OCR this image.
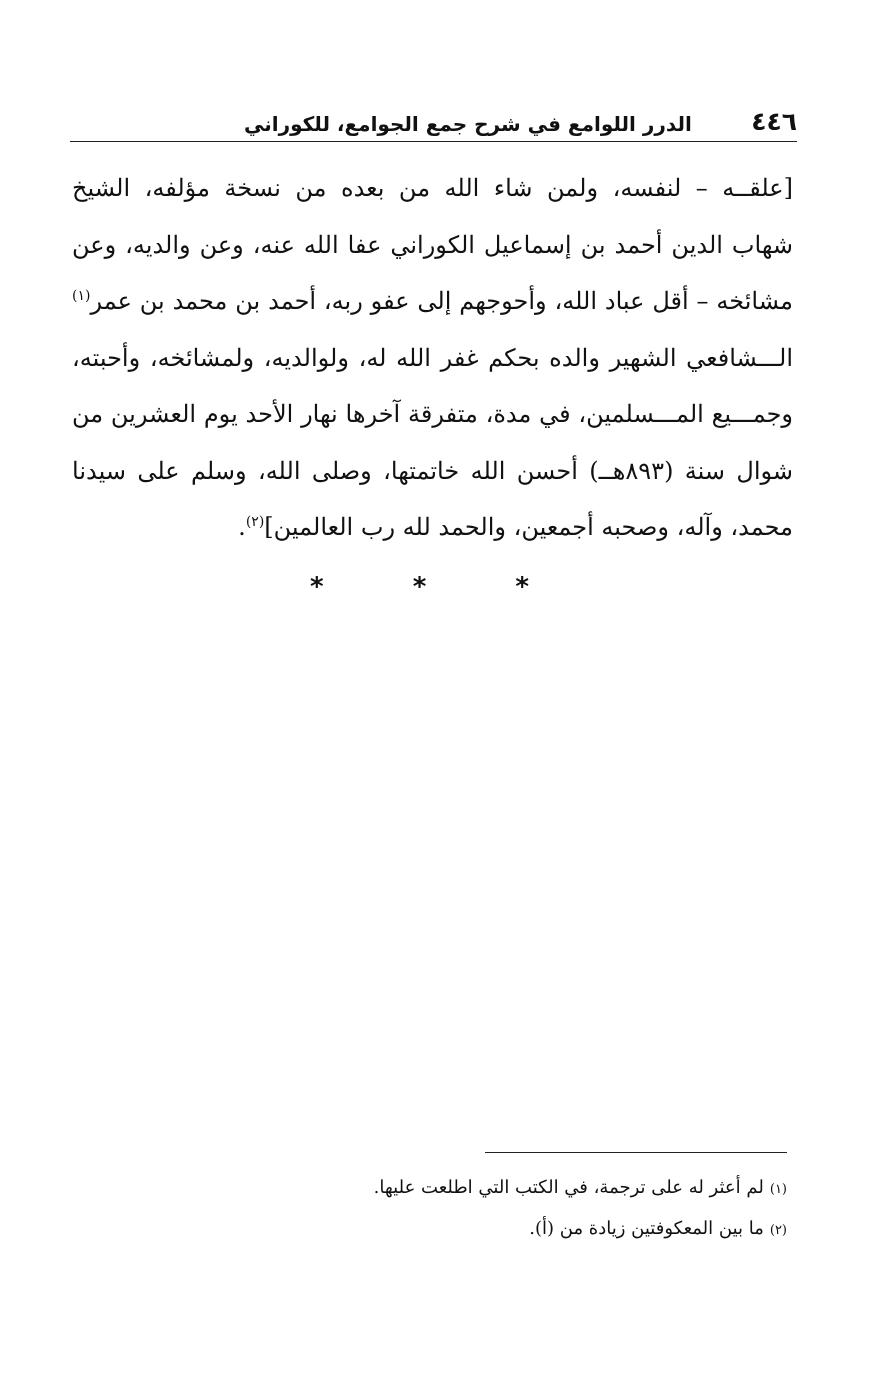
٤٤٦
الدرر اللوامع في شرح جمع الجوامع، للكوراني
[علقــه – لنفسه، ولمن شاء الله من بعده من نسخة مؤلفه، الشيخ
شهاب الدين أحمد بن إسماعيل الكوراني عفا الله عنه، وعن والديه، وعن
مشائخه – أقل عباد الله، وأحوجهم إلى عفو ربه، أحمد بن محمد بن عمر$^{(١)}$
الـــشافعي الشهير والده بحكم غفر الله له، ولوالديه، ولمشائخه، وأحبته،
وجمـــيع المـــسلمين، في مدة، متفرقة آخرها نهار الأحد يوم العشرين من
شوال سنة (٨٩٣هــ) أحسن الله خاتمتها، وصلى الله، وسلم على سيدنا
محمد، وآله، وصحبه أجمعين، والحمد لله رب العالمين]$^{(٢)}$.
* * *
(١)لم أعثر له على ترجمة، في الكتب التي اطلعت عليها.
(٢)ما بين المعكوفتين زيادة من (أ).
